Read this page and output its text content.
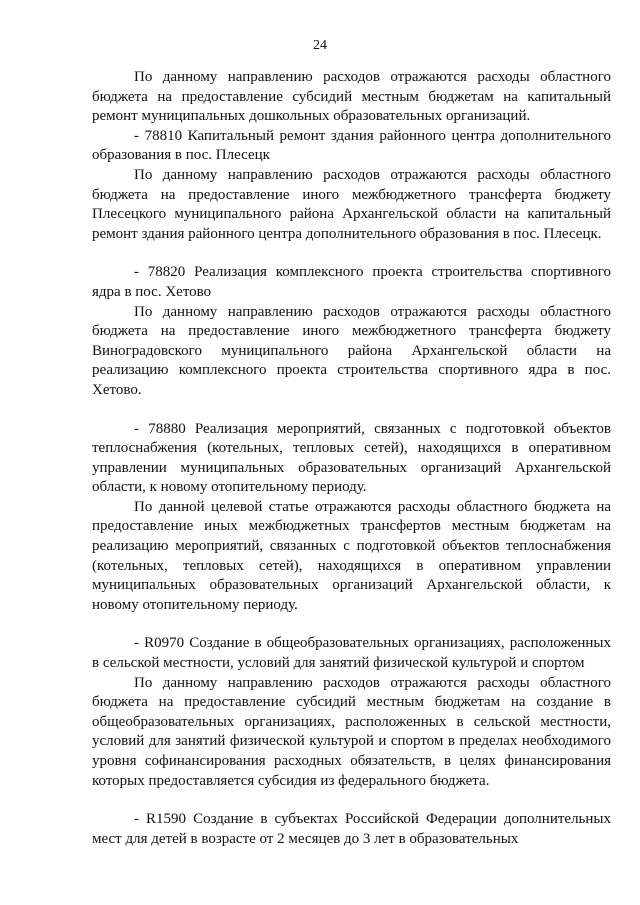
24

По данному направлению расходов отражаются расходы областного бюджета на предоставление субсидий местным бюджетам на капитальный ремонт муниципальных дошкольных образовательных организаций.

- 78810 Капитальный ремонт здания районного центра дополнительного образования в пос. Плесецк

По данному направлению расходов отражаются расходы областного бюджета на предоставление иного межбюджетного трансферта бюджету Плесецкого муниципального района Архангельской области на капитальный ремонт здания районного центра дополнительного образования в пос. Плесецк.

- 78820 Реализация комплексного проекта строительства спортивного ядра в пос. Хетово

По данному направлению расходов отражаются расходы областного бюджета на предоставление иного межбюджетного трансферта бюджету Виноградовского муниципального района Архангельской области на реализацию комплексного проекта строительства спортивного ядра в пос. Хетово.

- 78880 Реализация мероприятий, связанных с подготовкой объектов теплоснабжения (котельных, тепловых сетей), находящихся в оперативном управлении муниципальных образовательных организаций Архангельской области, к новому отопительному периоду.

По данной целевой статье отражаются расходы областного бюджета на предоставление иных межбюджетных трансфертов местным бюджетам на реализацию мероприятий, связанных с подготовкой объектов теплоснабжения (котельных, тепловых сетей), находящихся в оперативном управлении муниципальных образовательных организаций Архангельской области, к новому отопительному периоду.

- R0970 Создание в общеобразовательных организациях, расположенных в сельской местности, условий для занятий физической культурой и спортом

По данному направлению расходов отражаются расходы областного бюджета на предоставление субсидий местным бюджетам на создание в общеобразовательных организациях, расположенных в сельской местности, условий для занятий физической культурой и спортом в пределах необходимого уровня софинансирования расходных обязательств, в целях финансирования которых предоставляется субсидия из федерального бюджета.

- R1590 Создание в субъектах Российской Федерации дополнительных мест для детей в возрасте от 2 месяцев до 3 лет в образовательных
